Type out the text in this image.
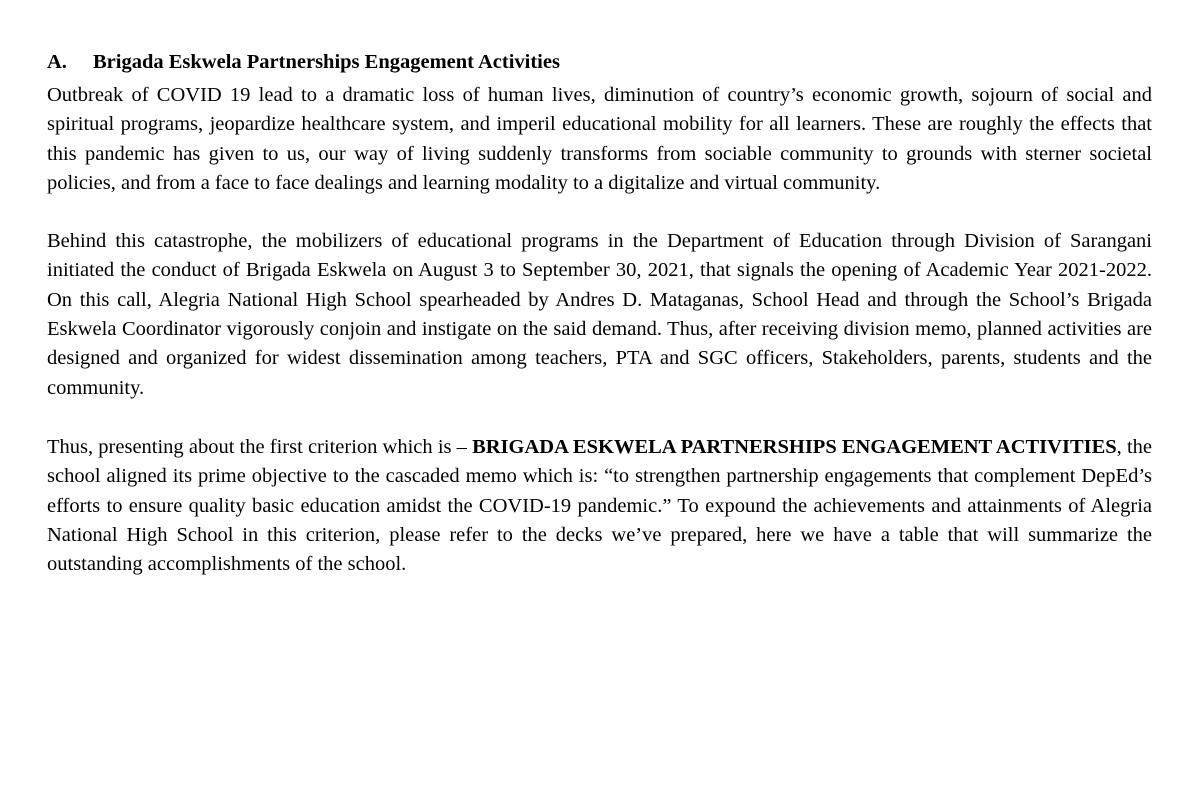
A. Brigada Eskwela Partnerships Engagement Activities

Outbreak of COVID 19 lead to a dramatic loss of human lives, diminution of country’s economic growth, sojourn of social and spiritual programs, jeopardize healthcare system, and imperil educational mobility for all learners. These are roughly the effects that this pandemic has given to us, our way of living suddenly transforms from sociable community to grounds with sterner societal policies, and from a face to face dealings and learning modality to a digitalize and virtual community.

Behind this catastrophe, the mobilizers of educational programs in the Department of Education through Division of Sarangani initiated the conduct of Brigada Eskwela on August 3 to September 30, 2021, that signals the opening of Academic Year 2021-2022. On this call, Alegria National High School spearheaded by Andres D. Mataganas, School Head and through the School’s Brigada Eskwela Coordinator vigorously conjoin and instigate on the said demand. Thus, after receiving division memo, planned activities are designed and organized for widest dissemination among teachers, PTA and SGC officers, Stakeholders, parents, students and the community.

Thus, presenting about the first criterion which is – BRIGADA ESKWELA PARTNERSHIPS ENGAGEMENT ACTIVITIES, the school aligned its prime objective to the cascaded memo which is: “to strengthen partnership engagements that complement DepEd’s efforts to ensure quality basic education amidst the COVID-19 pandemic.” To expound the achievements and attainments of Alegria National High School in this criterion, please refer to the decks we’ve prepared, here we have a table that will summarize the outstanding accomplishments of the school.
